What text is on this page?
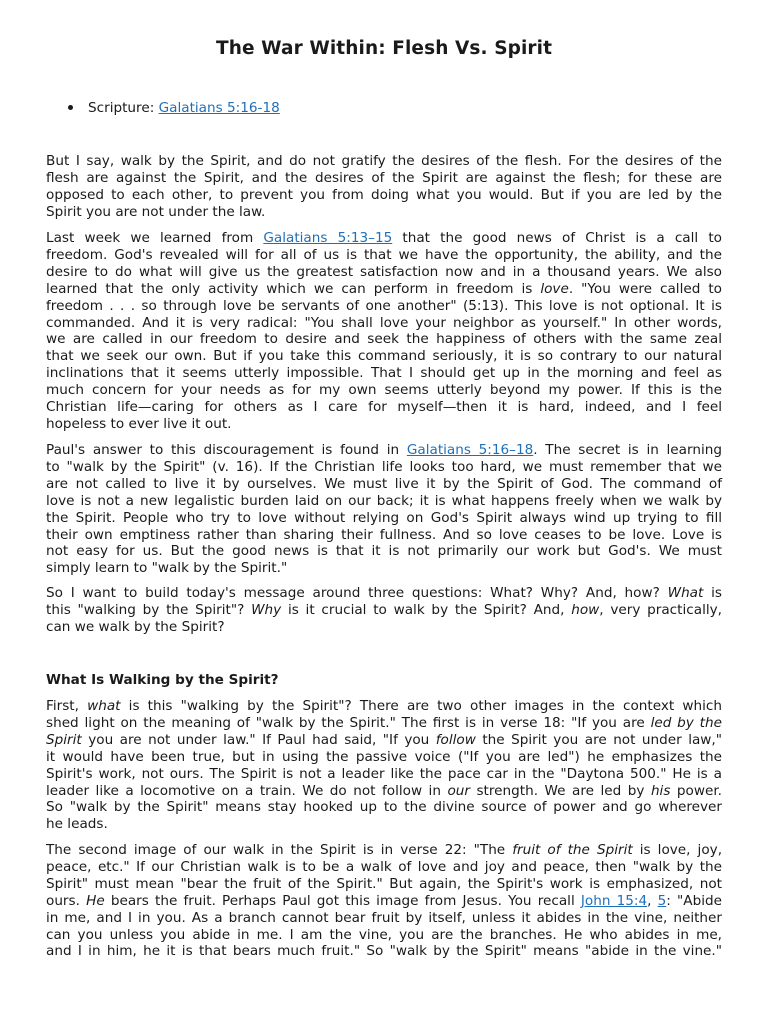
The War Within: Flesh Vs. Spirit
Scripture: Galatians 5:16-18
But I say, walk by the Spirit, and do not gratify the desires of the flesh. For the desires of the
flesh are against the Spirit, and the desires of the Spirit are against the flesh; for these are
opposed to each other, to prevent you from doing what you would. But if you are led by the
Spirit you are not under the law.
Last week we learned from Galatians 5:13–15 that the good news of Christ is a call to
freedom. God's revealed will for all of us is that we have the opportunity, the ability, and the
desire to do what will give us the greatest satisfaction now and in a thousand years. We also
learned that the only activity which we can perform in freedom is love. "You were called to
freedom . . . so through love be servants of one another" (5:13). This love is not optional. It is
commanded. And it is very radical: "You shall love your neighbor as yourself." In other words,
we are called in our freedom to desire and seek the happiness of others with the same zeal
that we seek our own. But if you take this command seriously, it is so contrary to our natural
inclinations that it seems utterly impossible. That I should get up in the morning and feel as
much concern for your needs as for my own seems utterly beyond my power. If this is the
Christian life—caring for others as I care for myself—then it is hard, indeed, and I feel
hopeless to ever live it out.
Paul's answer to this discouragement is found in Galatians 5:16–18. The secret is in learning
to "walk by the Spirit" (v. 16). If the Christian life looks too hard, we must remember that we
are not called to live it by ourselves. We must live it by the Spirit of God. The command of
love is not a new legalistic burden laid on our back; it is what happens freely when we walk by
the Spirit. People who try to love without relying on God's Spirit always wind up trying to fill
their own emptiness rather than sharing their fullness. And so love ceases to be love. Love is
not easy for us. But the good news is that it is not primarily our work but God's. We must
simply learn to "walk by the Spirit."
So I want to build today's message around three questions: What? Why? And, how? What is
this "walking by the Spirit"? Why is it crucial to walk by the Spirit? And, how, very practically,
can we walk by the Spirit?
What Is Walking by the Spirit?
First, what is this "walking by the Spirit"? There are two other images in the context which
shed light on the meaning of "walk by the Spirit." The first is in verse 18: "If you are led by the
Spirit you are not under law." If Paul had said, "If you follow the Spirit you are not under law,"
it would have been true, but in using the passive voice ("If you are led") he emphasizes the
Spirit's work, not ours. The Spirit is not a leader like the pace car in the "Daytona 500." He is a
leader like a locomotive on a train. We do not follow in our strength. We are led by his power.
So "walk by the Spirit" means stay hooked up to the divine source of power and go wherever
he leads.
The second image of our walk in the Spirit is in verse 22: "The fruit of the Spirit is love, joy,
peace, etc." If our Christian walk is to be a walk of love and joy and peace, then "walk by the
Spirit" must mean "bear the fruit of the Spirit." But again, the Spirit's work is emphasized, not
ours. He bears the fruit. Perhaps Paul got this image from Jesus. You recall John 15:4, 5: "Abide
in me, and I in you. As a branch cannot bear fruit by itself, unless it abides in the vine, neither
can you unless you abide in me. I am the vine, you are the branches. He who abides in me,
and I in him, he it is that bears much fruit." So "walk by the Spirit" means "abide in the vine."
